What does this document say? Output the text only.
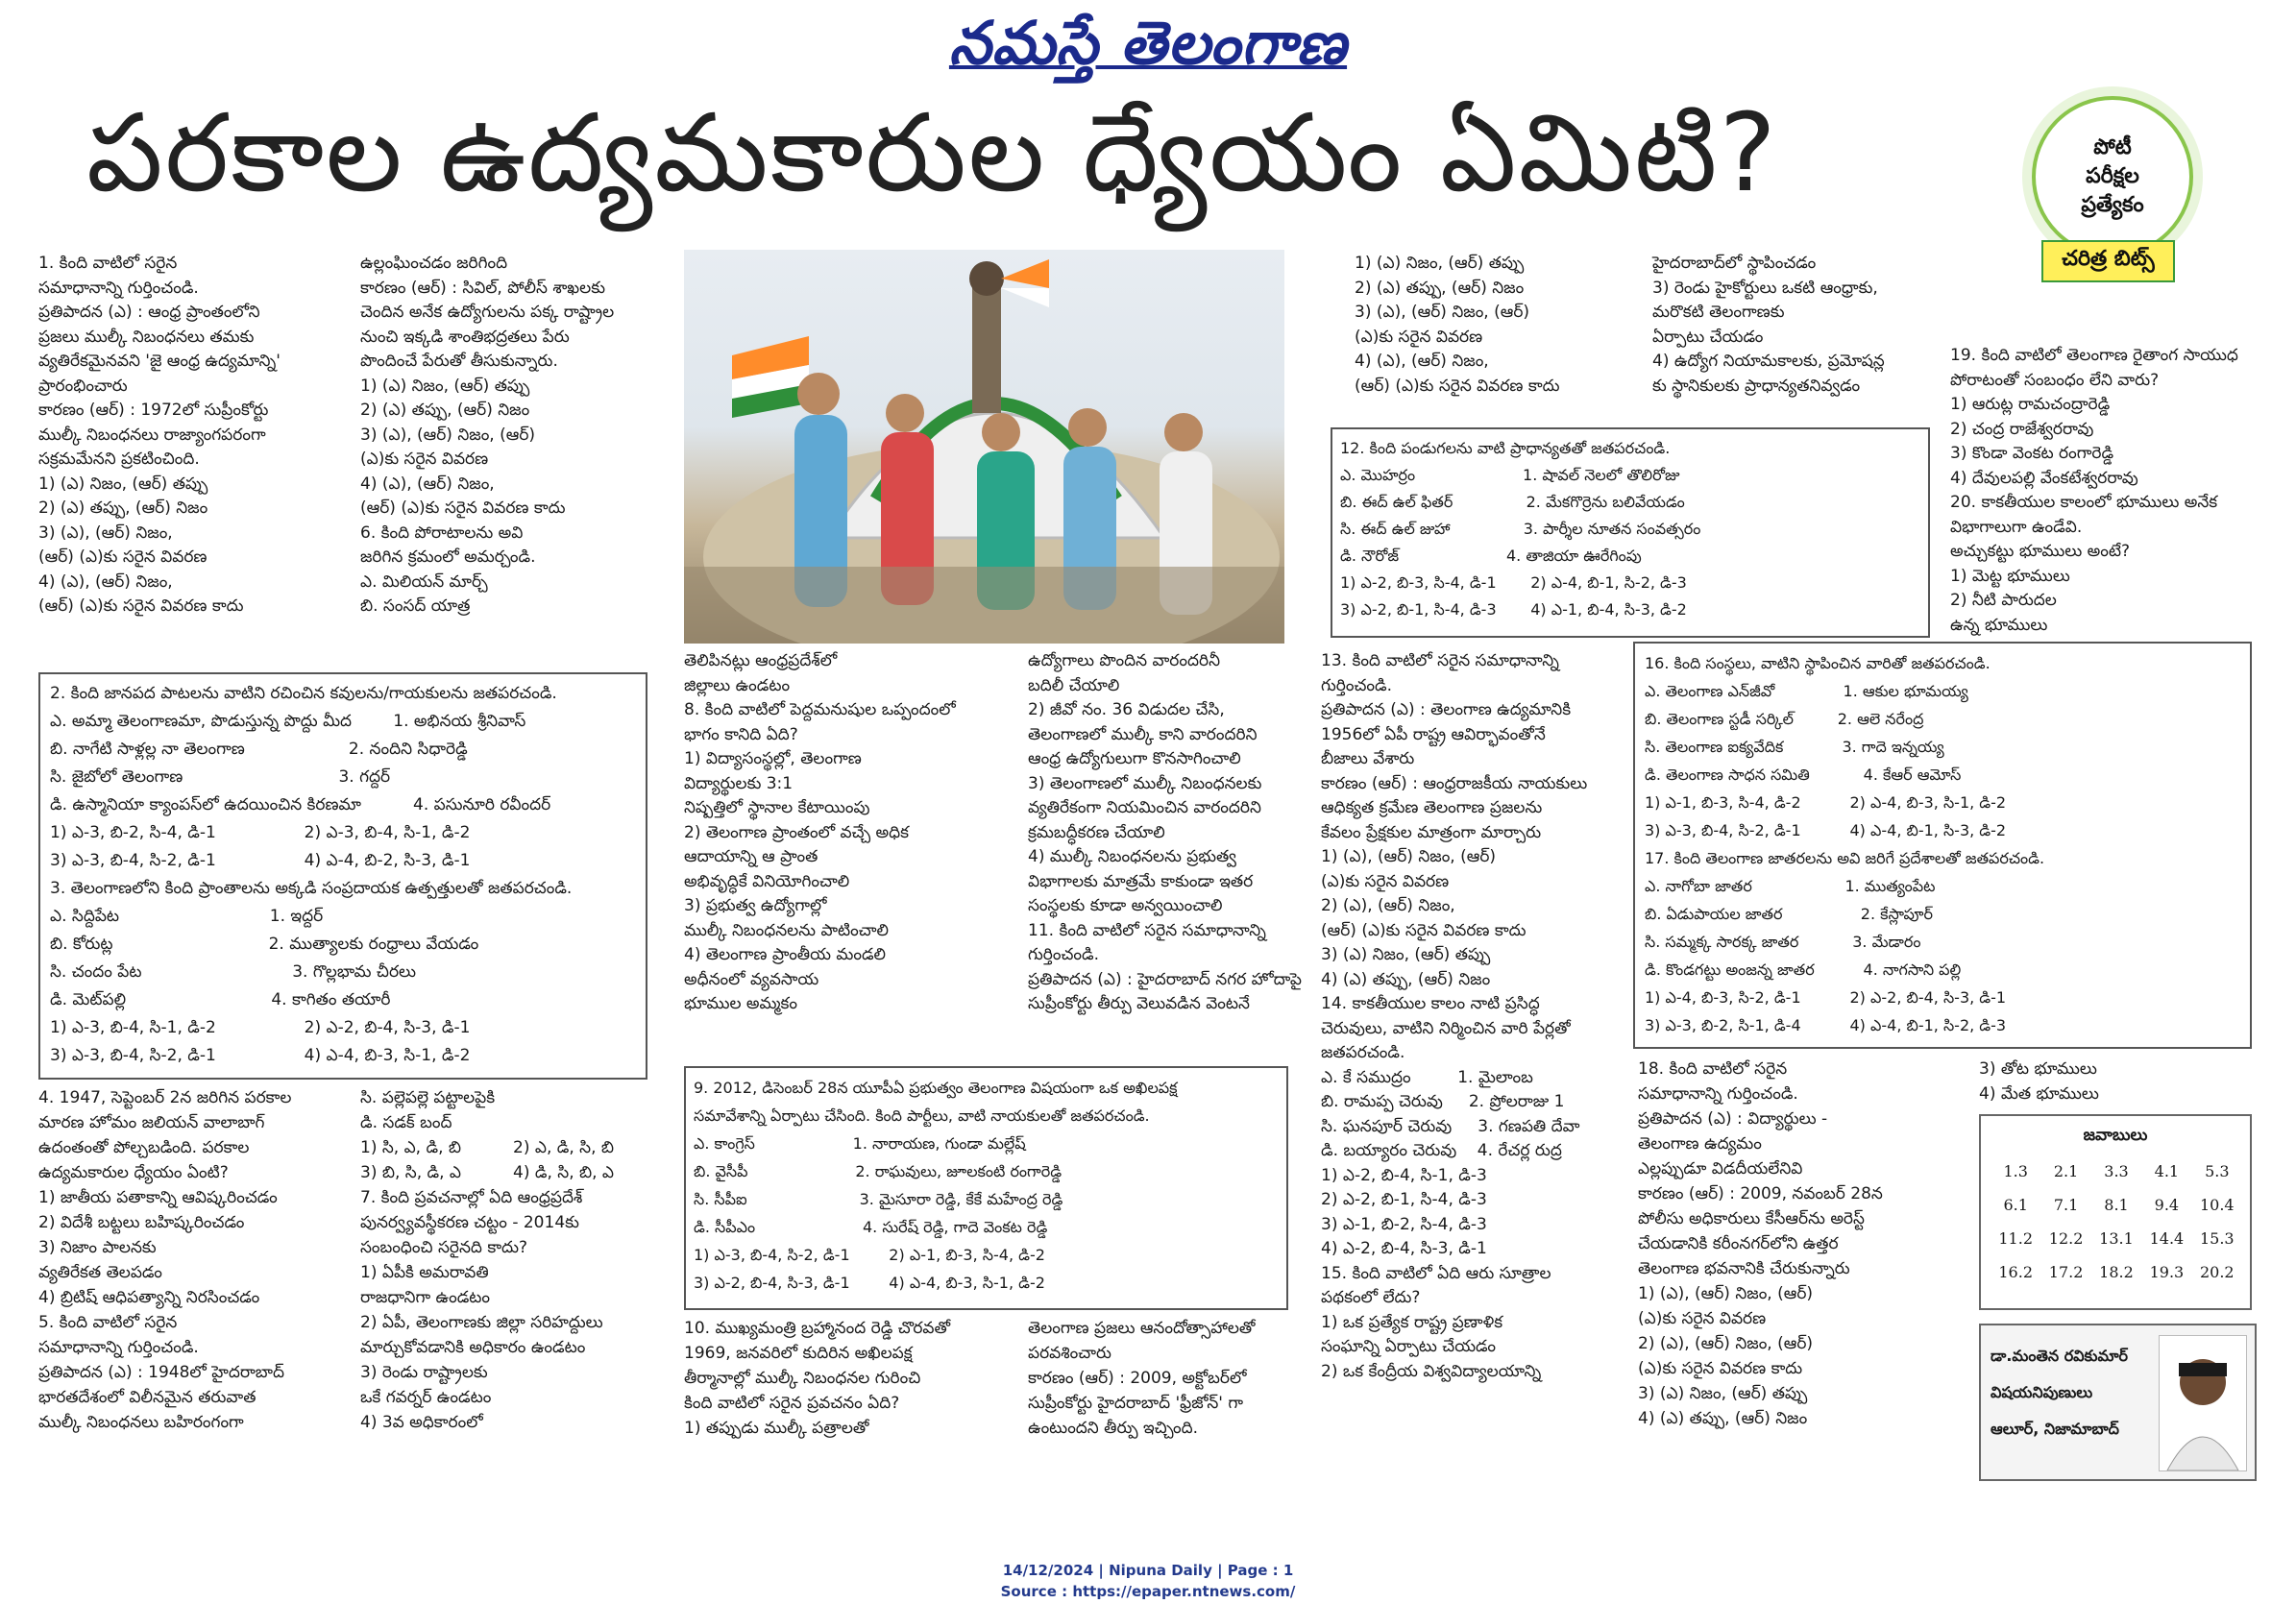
నమస్తే తెలంగాణ
పరకాల ఉద్యమకారుల ధ్యేయం ఏమిటి?	పోటీ
పరీక్షల
ప్రత్యేకం
చరిత్ర బిట్స్
1. కింది వాటిలో సరైన
సమాధానాన్ని గుర్తించండి.
ప్రతిపాదన (ఎ) : ఆంధ్ర ప్రాంతంలోని
ప్రజలు ముల్కీ నిబంధనలు తమకు
వ్యతిరేకమైనవని 'జై ఆంధ్ర ఉద్యమాన్ని'
ప్రారంభించారు
కారణం (ఆర్) : 1972లో సుప్రీంకోర్టు
ముల్కీ నిబంధనలు రాజ్యాంగపరంగా
సక్రమమేనని ప్రకటించింది.
1) (ఎ) నిజం, (ఆర్) తప్పు
2) (ఎ) తప్పు, (ఆర్) నిజం
3) (ఎ), (ఆర్) నిజం,
(ఆర్) (ఎ)కు సరైన వివరణ
4) (ఎ), (ఆర్) నిజం,
(ఆర్) (ఎ)కు సరైన వివరణ కాదు
ఉల్లంఘించడం జరిగింది
కారణం (ఆర్) : సివిల్, పోలీస్ శాఖలకు
చెందిన అనేక ఉద్యోగులను పక్క రాష్ట్రాల
నుంచి ఇక్కడి శాంతిభద్రతలు పేరు
పొందించే పేరుతో తీసుకున్నారు.
1) (ఎ) నిజం, (ఆర్) తప్పు
2) (ఎ) తప్పు, (ఆర్) నిజం
3) (ఎ), (ఆర్) నిజం, (ఆర్)
(ఎ)కు సరైన వివరణ
4) (ఎ), (ఆర్) నిజం,
(ఆర్) (ఎ)కు సరైన వివరణ కాదు
6. కింది పోరాటాలను అవి
జరిగిన క్రమంలో అమర్చండి.
ఎ. మిలియన్ మార్చ్
బి. సంసద్ యాత్ర
2. కింది జానపద పాటలను వాటిని రచించిన కవులను/గాయకులను జతపరచండి.
ఎ. అమ్మా తెలంగాణమా, పొడుస్తున్న పొద్దు మీద        1. అభినయ శ్రీనివాస్
బి. నాగేటి సాళ్లల్ల నా తెలంగాణ                    2. నందిని సిధారెడ్డి
సి. జైబోలో తెలంగాణ                              3. గద్దర్
డి. ఉస్మానియా క్యాంపస్‌లో ఉదయించిన కిరణమా          4. పసునూరి రవీందర్
1) ఎ-3, బి-2, సి-4, డి-1                 2) ఎ-3, బి-4, సి-1, డి-2
3) ఎ-3, బి-4, సి-2, డి-1                 4) ఎ-4, బి-2, సి-3, డి-1
3. తెలంగాణలోని కింది ప్రాంతాలను అక్కడి సంప్రదాయక ఉత్పత్తులతో జతపరచండి.
ఎ. సిద్దిపేట                             1. ఇద్దర్
బి. కోరుట్ల                              2. ముత్యాలకు రంధ్రాలు వేయడం
సి. చందం పేట                             3. గొల్లభామ చీరలు
డి. మెట్‌పల్లి                            4. కాగితం తయారీ
1) ఎ-3, బి-4, సి-1, డి-2                 2) ఎ-2, బి-4, సి-3, డి-1
3) ఎ-3, బి-4, సి-2, డి-1                 4) ఎ-4, బి-3, సి-1, డి-2
4. 1947, సెప్టెంబర్ 2న జరిగిన పరకాల
మారణ హోమం జలియన్ వాలాబాగ్
ఉదంతంతో పోల్చబడింది. పరకాల
ఉద్యమకారుల ధ్యేయం ఏంటి?
1) జాతీయ పతాకాన్ని ఆవిష్కరించడం
2) విదేశీ బట్టలు బహిష్కరించడం
3) నిజాం పాలనకు
వ్యతిరేకత తెలపడం
4) బ్రిటిష్ ఆధిపత్యాన్ని నిరసించడం
5. కింది వాటిలో సరైన
సమాధానాన్ని గుర్తించండి.
ప్రతిపాదన (ఎ) : 1948లో హైదరాబాద్
భారతదేశంలో విలీనమైన తరువాత
ముల్కీ నిబంధనలు బహిరంగంగా
సి. పల్లెపల్లె పట్టాలపైకి
డి. సడక్ బంద్
1) సి, ఎ, డి, బి          2) ఎ, డి, సి, బి
3) బి, సి, డి, ఎ          4) డి, సి, బి, ఎ
7. కింది ప్రవచనాల్లో ఏది ఆంధ్రప్రదేశ్
పునర్వ్యవస్థీకరణ చట్టం - 2014కు
సంబంధించి సరైనది కాదు?
1) ఏపీకి అమరావతి
రాజధానిగా ఉండటం
2) ఏపీ, తెలంగాణకు జిల్లా సరిహద్దులు
మార్చుకోవడానికి అధికారం ఉండటం
3) రెండు రాష్ట్రాలకు
ఒకే గవర్నర్ ఉండటం
4) 3వ అధికారంలో
తెలిపినట్లు ఆంధ్రప్రదేశ్‌లో
జిల్లాలు ఉండటం
8. కింది వాటిలో పెద్దమనుషుల ఒప్పందంలో
భాగం కానిది ఏది?
1) విద్యాసంస్థల్లో, తెలంగాణ
విద్యార్థులకు 3:1
నిష్పత్తిలో స్థానాల కేటాయింపు
2) తెలంగాణ ప్రాంతంలో వచ్చే అధిక
ఆదాయాన్ని ఆ ప్రాంత
అభివృద్ధికే వినియోగించాలి
3) ప్రభుత్వ ఉద్యోగాల్లో
ముల్కీ నిబంధనలను పాటించాలి
4) తెలంగాణ ప్రాంతీయ మండలి
అధీనంలో వ్యవసాయ
భూముల అమ్మకం
ఉద్యోగాలు పొందిన వారందరినీ
బదిలీ చేయాలి
2) జీవో నం. 36 విడుదల చేసి,
తెలంగాణలో ముల్కీ కాని వారందరిని
ఆంధ్ర ఉద్యోగులుగా కొనసాగించాలి
3) తెలంగాణలో ముల్కీ నిబంధనలకు
వ్యతిరేకంగా నియమించిన వారందరిని
క్రమబద్ధీకరణ చేయాలి
4) ముల్కీ నిబంధనలను ప్రభుత్వ
విభాగాలకు మాత్రమే కాకుండా ఇతర
సంస్థలకు కూడా అన్వయించాలి
11. కింది వాటిలో సరైన సమాధానాన్ని
గుర్తించండి.
ప్రతిపాదన (ఎ) : హైదరాబాద్ నగర హోదాపై
సుప్రీంకోర్టు తీర్పు వెలువడిన వెంటనే
9. 2012, డిసెంబర్ 28న యూపీఏ ప్రభుత్వం తెలంగాణ విషయంగా ఒక అఖిలపక్ష
సమావేశాన్ని ఏర్పాటు చేసింది. కింది పార్టీలు, వాటి నాయకులతో జతపరచండి.
ఎ. కాంగ్రెస్                    1. నారాయణ, గుండా మల్లేష్
బి. వైసీపీ                      2. రాఘవులు, జూలకంటి రంగారెడ్డి
సి. సీపీఐ                       3. మైసూరా రెడ్డి, కేకే మహేంద్ర రెడ్డి
డి. సీపీఎం                      4. సురేష్ రెడ్డి, గాదె వెంకట రెడ్డి
1) ఎ-3, బి-4, సి-2, డి-1        2) ఎ-1, బి-3, సి-4, డి-2
3) ఎ-2, బి-4, సి-3, డి-1        4) ఎ-4, బి-3, సి-1, డి-2
10. ముఖ్యమంత్రి బ్రహ్మానంద రెడ్డి చొరవతో
1969, జనవరిలో కుదిరిన అఖిలపక్ష
తీర్మానాల్లో ముల్కీ నిబంధనల గురించి
కింది వాటిలో సరైన ప్రవచనం ఏది?
1) తప్పుడు ముల్కీ పత్రాలతో
తెలంగాణ ప్రజలు ఆనందోత్సాహాలతో
పరవశించారు
కారణం (ఆర్) : 2009, అక్టోబర్‌లో
సుప్రీంకోర్టు హైదరాబాద్ 'ఫ్రీజోన్' గా
ఉంటుందని తీర్పు ఇచ్చింది.
1) (ఎ) నిజం, (ఆర్) తప్పు
2) (ఎ) తప్పు, (ఆర్) నిజం
3) (ఎ), (ఆర్) నిజం, (ఆర్)
(ఎ)కు సరైన వివరణ
4) (ఎ), (ఆర్) నిజం,
(ఆర్) (ఎ)కు సరైన వివరణ కాదు
హైదరాబాద్‌లో స్థాపించడం
3) రెండు హైకోర్టులు ఒకటి ఆంధ్రాకు,
మరొకటి తెలంగాణకు
ఏర్పాటు చేయడం
4) ఉద్యోగ నియామకాలకు, ప్రమోషన్ల
కు స్థానికులకు ప్రాధాన్యతనివ్వడం
12. కింది పండుగలను వాటి ప్రాధాన్యతతో జతపరచండి.
ఎ. మొహర్రం                      1. షావల్ నెలలో తొలిరోజు
బి. ఈద్ ఉల్ ఫితర్               2. మేకగొర్రెను బలివేయడం
సి. ఈద్ ఉల్ జుహా               3. పార్శీల నూతన సంవత్సరం
డి. నౌరోజ్                      4. తాజియా ఊరేగింపు
1) ఎ-2, బి-3, సి-4, డి-1       2) ఎ-4, బి-1, సి-2, డి-3
3) ఎ-2, బి-1, సి-4, డి-3       4) ఎ-1, బి-4, సి-3, డి-2
13. కింది వాటిలో సరైన సమాధానాన్ని
గుర్తించండి.
ప్రతిపాదన (ఎ) : తెలంగాణ ఉద్యమానికి
1956లో ఏపీ రాష్ట్ర ఆవిర్భావంతోనే
బీజాలు వేశారు
కారణం (ఆర్) : ఆంధ్రరాజకీయ నాయకులు
ఆధిక్యత క్రమేణ తెలంగాణ ప్రజలను
కేవలం ప్రేక్షకుల మాత్రంగా మార్చారు
1) (ఎ), (ఆర్) నిజం, (ఆర్)
(ఎ)కు సరైన వివరణ
2) (ఎ), (ఆర్) నిజం,
(ఆర్) (ఎ)కు సరైన వివరణ కాదు
3) (ఎ) నిజం, (ఆర్) తప్పు
4) (ఎ) తప్పు, (ఆర్) నిజం
14. కాకతీయుల కాలం నాటి ప్రసిద్ధ
చెరువులు, వాటిని నిర్మించిన వారి పేర్లతో
జతపరచండి.
ఎ. కే సముద్రం         1. మైలాంబ
బి. రామప్ప చెరువు     2. ప్రోలరాజు 1
సి. ఘనపూర్ చెరువు     3. గణపతి దేవా
డి. బయ్యారం చెరువు    4. రేచర్ల రుద్ర
1) ఎ-2, బి-4, సి-1, డి-3
2) ఎ-2, బి-1, సి-4, డి-3
3) ఎ-1, బి-2, సి-4, డి-3
4) ఎ-2, బి-4, సి-3, డి-1
15. కింది వాటిలో ఏది ఆరు సూత్రాల
పథకంలో లేదు?
1) ఒక ప్రత్యేక రాష్ట్ర ప్రణాళిక
సంఘాన్ని ఏర్పాటు చేయడం
2) ఒక కేంద్రీయ విశ్వవిద్యాలయాన్ని
16. కింది సంస్థలు, వాటిని స్థాపించిన వారితో జతపరచండి.
ఎ. తెలంగాణ ఎన్‌జీవో              1. ఆకుల భూమయ్య
బి. తెలంగాణ స్టడీ సర్కిల్         2. ఆలె నరేంద్ర
సి. తెలంగాణ ఐక్యవేదిక            3. గాదె ఇన్నయ్య
డి. తెలంగాణ సాధన సమితి           4. కేఆర్ ఆమోస్
1) ఎ-1, బి-3, సి-4, డి-2          2) ఎ-4, బి-3, సి-1, డి-2
3) ఎ-3, బి-4, సి-2, డి-1          4) ఎ-4, బి-1, సి-3, డి-2
17. కింది తెలంగాణ జాతరలను అవి జరిగే ప్రదేశాలతో జతపరచండి.
ఎ. నాగోబా జాతర                   1. ముత్యంపేట
బి. ఏడుపాయల జాతర                2. కేస్లాపూర్
సి. సమ్మక్క సారక్క జాతర           3. మేడారం
డి. కొండగట్టు అంజన్న జాతర          4. నాగసాని పల్లి
1) ఎ-4, బి-3, సి-2, డి-1          2) ఎ-2, బి-4, సి-3, డి-1
3) ఎ-3, బి-2, సి-1, డి-4          4) ఎ-4, బి-1, సి-2, డి-3
18. కింది వాటిలో సరైన
సమాధానాన్ని గుర్తించండి.
ప్రతిపాదన (ఎ) : విద్యార్థులు -
తెలంగాణ ఉద్యమం
ఎల్లప్పుడూ విడదీయలేనివి
కారణం (ఆర్) : 2009, నవంబర్ 28న
పోలీసు అధికారులు కేసీఆర్‌ను అరెస్ట్
చేయడానికి కరీంనగర్‌లోని ఉత్తర
తెలంగాణ భవనానికి చేరుకున్నారు
1) (ఎ), (ఆర్) నిజం, (ఆర్)
(ఎ)కు సరైన వివరణ
2) (ఎ), (ఆర్) నిజం, (ఆర్)
(ఎ)కు సరైన వివరణ కాదు
3) (ఎ) నిజం, (ఆర్) తప్పు
4) (ఎ) తప్పు, (ఆర్) నిజం
19. కింది వాటిలో తెలంగాణ రైతాంగ సాయుధ
పోరాటంతో సంబంధం లేని వారు?
1) ఆరుట్ల రామచంద్రారెడ్డి
2) చంద్ర రాజేశ్వరరావు
3) కొండా వెంకట రంగారెడ్డి
4) దేవులపల్లి వేంకటేశ్వరరావు
20. కాకతీయుల కాలంలో భూములు అనేక
విభాగాలుగా ఉండేవి.
అచ్చుకట్టు భూములు అంటే?
1) మెట్ట భూములు
2) నీటి పారుదల
ఉన్న భూములు
3) తోట భూములు
4) మేత భూములు
జవాబులు
1.3	2.1	3.3	4.1	5.3
6.1	7.1	8.1	9.4	10.4
11.2	12.2	13.1	14.4	15.3
16.2	17.2	18.2	19.3	20.2
డా.మంతెన రవికుమార్
విషయనిపుణులు
ఆలూర్, నిజామాబాద్
14/12/2024 | Nipuna Daily | Page : 1
Source : https://epaper.ntnews.com/
